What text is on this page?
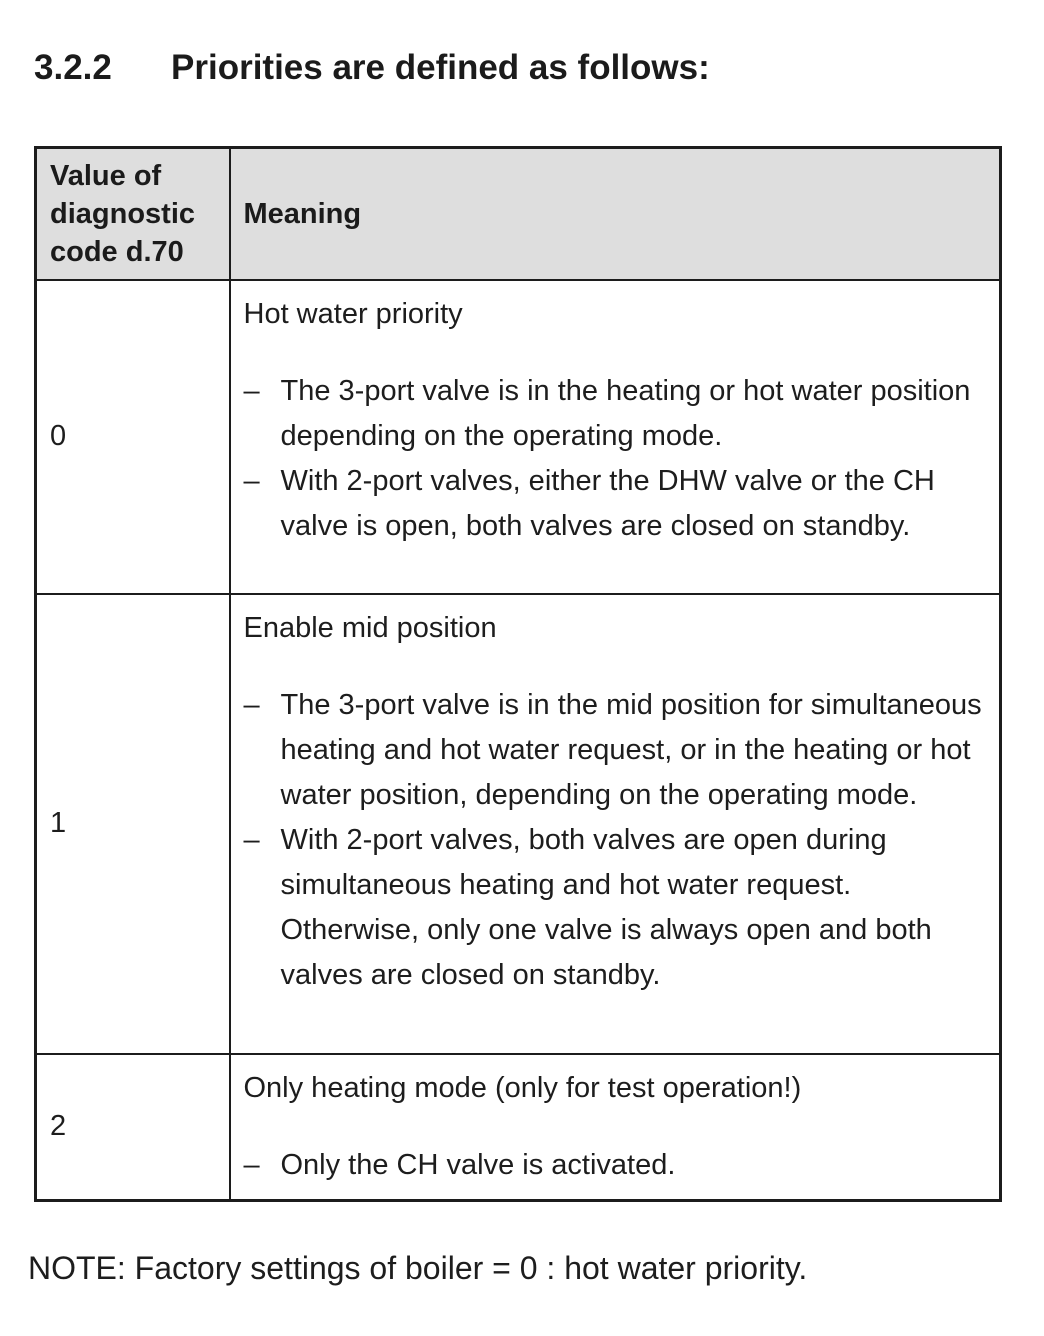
3.2.2 Priorities are defined as follows:
Value of diagnostic code d.70	Meaning
0	Hot water priority
– The 3-port valve is in the heating or hot water position depending on the operating mode.
– With 2-port valves, either the DHW valve or the CH valve is open, both valves are closed on standby.

1	Enable mid position
– The 3-port valve is in the mid position for simultaneous heating and hot water request, or in the heating or hot water position, depending on the operating mode.
– With 2-port valves, both valves are open during simultaneous heating and hot water request. Otherwise, only one valve is always open and both valves are closed on standby.

2	Only heating mode (only for test operation!)
– Only the CH valve is activated.

NOTE: Factory settings of boiler = 0 : hot water priority.
